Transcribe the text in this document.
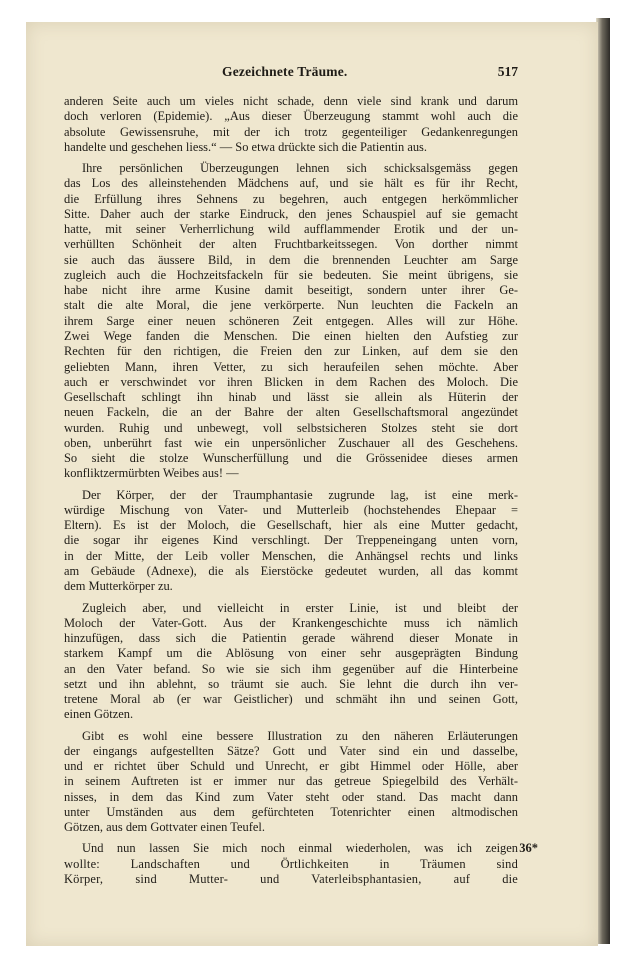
Gezeichnete Träume.	517
anderen Seite auch um vieles nicht schade, denn viele sind krank und darum
doch verloren (Epidemie). „Aus dieser Überzeugung stammt wohl auch die
absolute Gewissensruhe, mit der ich trotz gegenteiliger Gedankenregungen
handelte und geschehen liess.“ — So etwa drückte sich die Patientin aus.
Ihre persönlichen Überzeugungen lehnen sich schicksalsgemäss gegen
das Los des alleinstehenden Mädchens auf, und sie hält es für ihr Recht,
die Erfüllung ihres Sehnens zu begehren, auch entgegen herkömmlicher
Sitte. Daher auch der starke Eindruck, den jenes Schauspiel auf sie gemacht
hatte, mit seiner Verherrlichung wild aufflammender Erotik und der un-
verhüllten Schönheit der alten Fruchtbarkeitssegen. Von dorther nimmt
sie auch das äussere Bild, in dem die brennenden Leuchter am Sarge
zugleich auch die Hochzeitsfackeln für sie bedeuten. Sie meint übrigens, sie
habe nicht ihre arme Kusine damit beseitigt, sondern unter ihrer Ge-
stalt die alte Moral, die jene verkörperte. Nun leuchten die Fackeln an
ihrem Sarge einer neuen schöneren Zeit entgegen. Alles will zur Höhe.
Zwei Wege fanden die Menschen. Die einen hielten den Aufstieg zur
Rechten für den richtigen, die Freien den zur Linken, auf dem sie den
geliebten Mann, ihren Vetter, zu sich heraufeilen sehen möchte. Aber
auch er verschwindet vor ihren Blicken in dem Rachen des Moloch. Die
Gesellschaft schlingt ihn hinab und lässt sie allein als Hüterin der
neuen Fackeln, die an der Bahre der alten Gesellschaftsmoral angezündet
wurden. Ruhig und unbewegt, voll selbstsicheren Stolzes steht sie dort
oben, unberührt fast wie ein unpersönlicher Zuschauer all des Geschehens.
So sieht die stolze Wunscherfüllung und die Grössenidee dieses armen
konfliktzermürbten Weibes aus! —
Der Körper, der der Traumphantasie zugrunde lag, ist eine merk-
würdige Mischung von Vater- und Mutterleib (hochstehendes Ehepaar =
Eltern). Es ist der Moloch, die Gesellschaft, hier als eine Mutter gedacht,
die sogar ihr eigenes Kind verschlingt. Der Treppeneingang unten vorn,
in der Mitte, der Leib voller Menschen, die Anhängsel rechts und links
am Gebäude (Adnexe), die als Eierstöcke gedeutet wurden, all das kommt
dem Mutterkörper zu.
Zugleich aber, und vielleicht in erster Linie, ist und bleibt der
Moloch der Vater-Gott. Aus der Krankengeschichte muss ich nämlich
hinzufügen, dass sich die Patientin gerade während dieser Monate in
starkem Kampf um die Ablösung von einer sehr ausgeprägten Bindung
an den Vater befand. So wie sie sich ihm gegenüber auf die Hinterbeine
setzt und ihn ablehnt, so träumt sie auch. Sie lehnt die durch ihn ver-
tretene Moral ab (er war Geistlicher) und schmäht ihn und seinen Gott,
einen Götzen.
Gibt es wohl eine bessere Illustration zu den näheren Erläuterungen
der eingangs aufgestellten Sätze? Gott und Vater sind ein und dasselbe,
und er richtet über Schuld und Unrecht, er gibt Himmel oder Hölle, aber
in seinem Auftreten ist er immer nur das getreue Spiegelbild des Verhält-
nisses, in dem das Kind zum Vater steht oder stand. Das macht dann
unter Umständen aus dem gefürchteten Totenrichter einen altmodischen
Götzen, aus dem Gottvater einen Teufel.
Und nun lassen Sie mich noch einmal wiederholen, was ich zeigen
wollte: Landschaften und Örtlichkeiten in Träumen sind
Körper, sind Mutter- und Vaterleibsphantasien, auf die
36*
